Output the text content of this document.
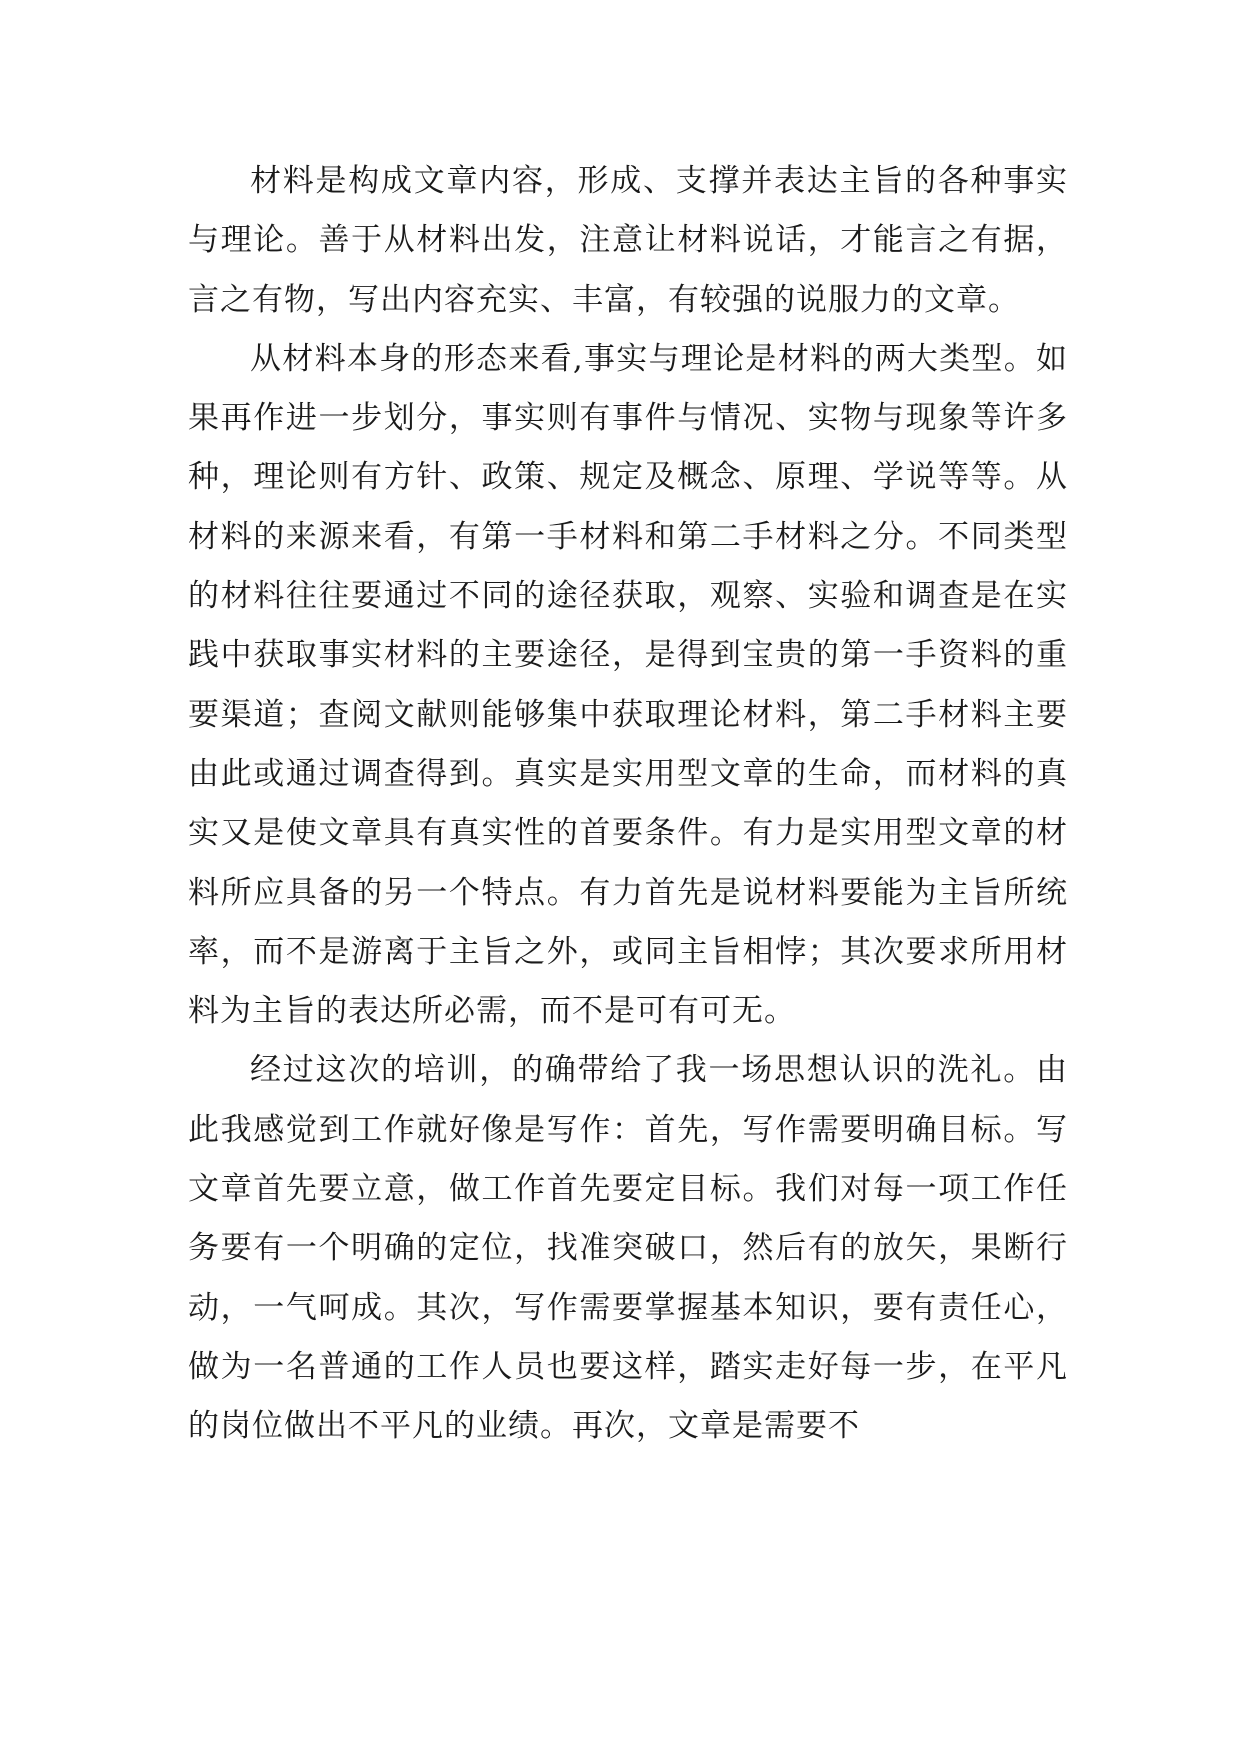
材料是构成文章内容，形成、支撑并表达主旨的各种事实与理论。善于从材料出发，注意让材料说话，才能言之有据，言之有物，写出内容充实、丰富，有较强的说服力的文章。

从材料本身的形态来看,事实与理论是材料的两大类型。如果再作进一步划分，事实则有事件与情况、实物与现象等许多种，理论则有方针、政策、规定及概念、原理、学说等等。从材料的来源来看，有第一手材料和第二手材料之分。不同类型的材料往往要通过不同的途径获取，观察、实验和调查是在实践中获取事实材料的主要途径，是得到宝贵的第一手资料的重要渠道；查阅文献则能够集中获取理论材料，第二手材料主要由此或通过调查得到。真实是实用型文章的生命，而材料的真实又是使文章具有真实性的首要条件。有力是实用型文章的材料所应具备的另一个特点。有力首先是说材料要能为主旨所统率，而不是游离于主旨之外，或同主旨相悖；其次要求所用材料为主旨的表达所必需，而不是可有可无。

经过这次的培训，的确带给了我一场思想认识的洗礼。由此我感觉到工作就好像是写作：首先，写作需要明确目标。写文章首先要立意，做工作首先要定目标。我们对每一项工作任务要有一个明确的定位，找准突破口，然后有的放矢，果断行动，一气呵成。其次，写作需要掌握基本知识，要有责任心，做为一名普通的工作人员也要这样，踏实走好每一步，在平凡的岗位做出不平凡的业绩。再次，文章是需要不
